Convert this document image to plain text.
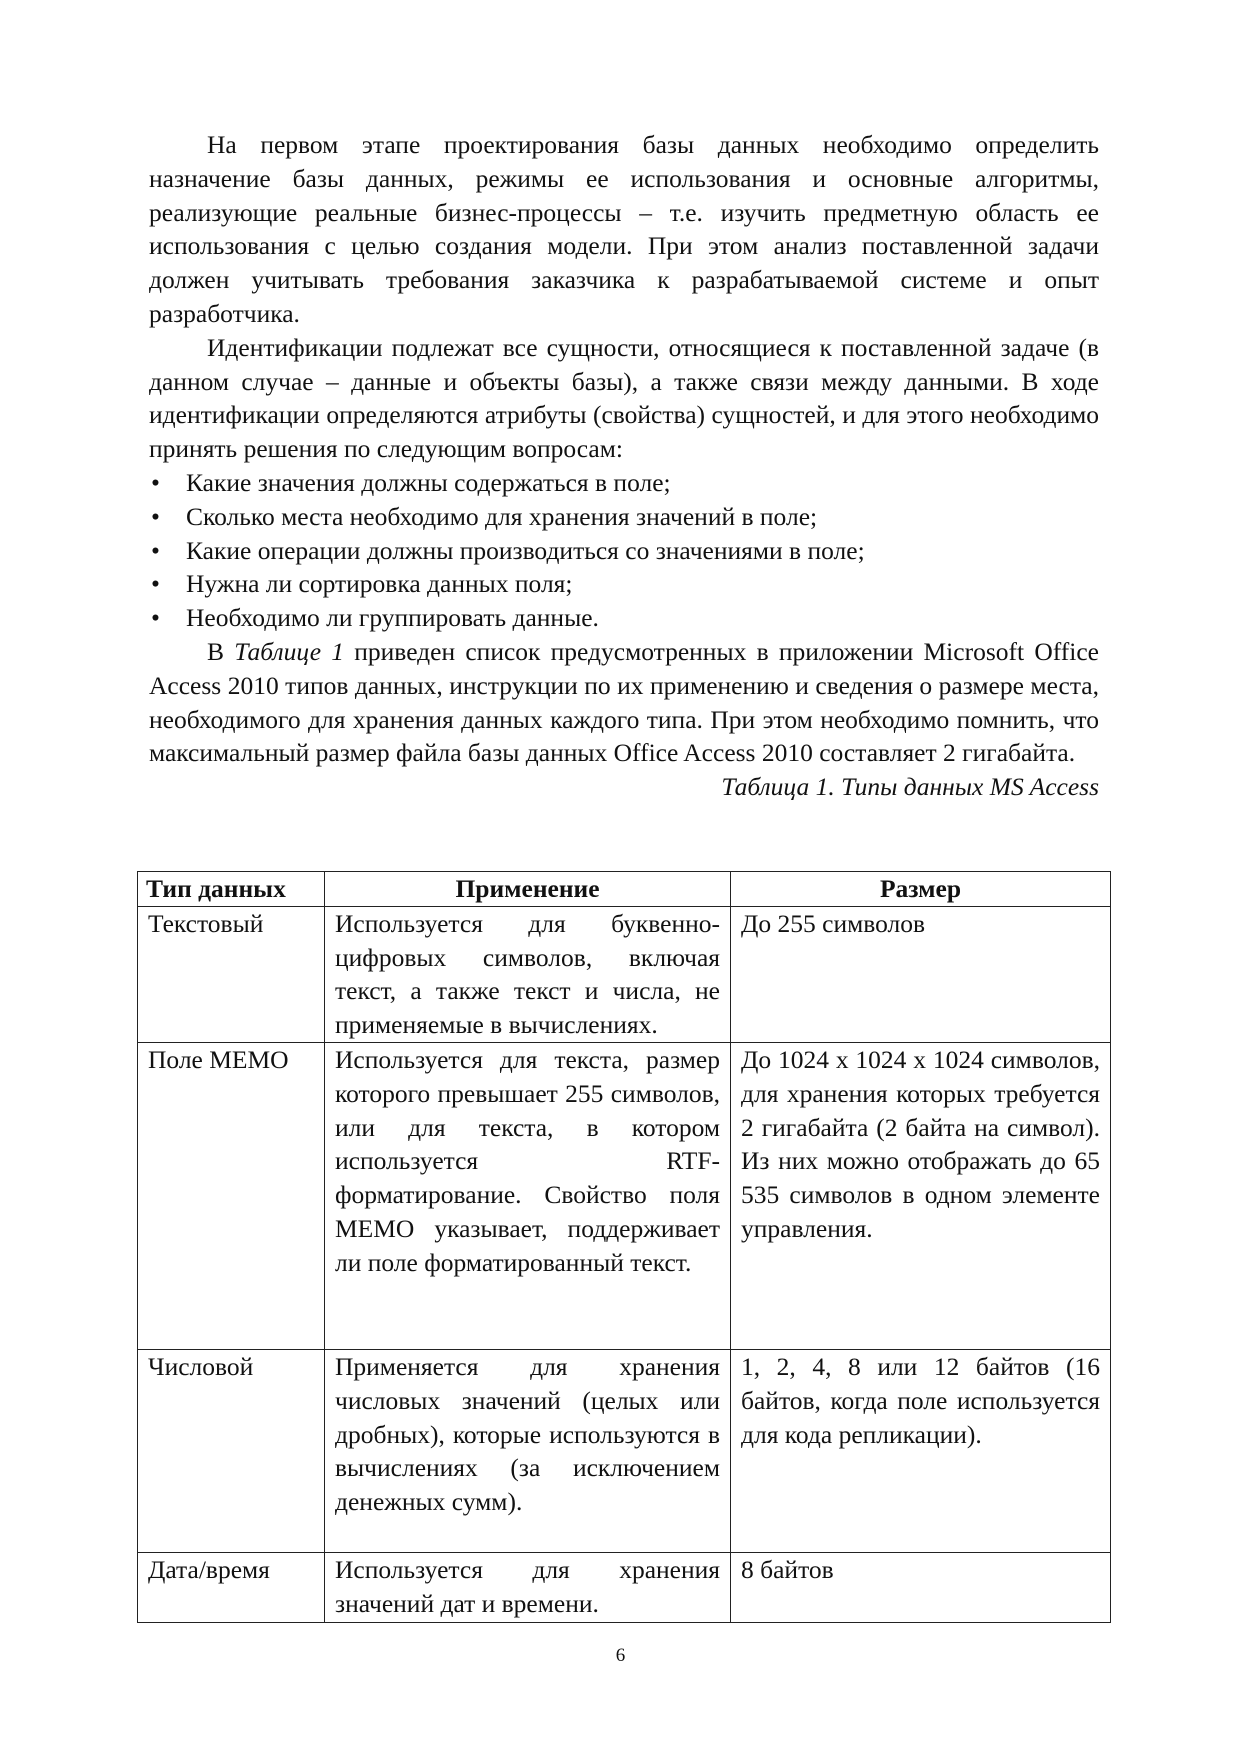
На первом этапе проектирования базы данных необходимо определить назначение базы данных, режимы ее использования и основные алгоритмы, реализующие реальные бизнес-процессы – т.е. изучить предметную область ее использования с целью создания модели. При этом анализ поставленной задачи должен учитывать требования заказчика к разрабатываемой системе и опыт разработчика.

Идентификации подлежат все сущности, относящиеся к поставленной задаче (в данном случае – данные и объекты базы), а также связи между данными. В ходе идентификации определяются атрибуты (свойства) сущностей, и для этого необходимо принять решения по следующим вопросам:

• Какие значения должны содержаться в поле;
• Сколько места необходимо для хранения значений в поле;
• Какие операции должны производиться со значениями в поле;
• Нужна ли сортировка данных поля;
• Необходимо ли группировать данные.

В Таблице 1 приведен список предусмотренных в приложении Microsoft Office Access 2010 типов данных, инструкции по их применению и сведения о размере места, необходимого для хранения данных каждого типа. При этом необходимо помнить, что максимальный размер файла базы данных Office Access 2010 составляет 2 гигабайта.

Таблица 1. Типы данных MS Access
Тип данных	Применение	Размер
Текстовый	Используется для буквенно-цифровых символов, включая текст, а также текст и числа, не применяемые в вычислениях.	До 255 символов
Поле MEMO	Используется для текста, размер которого превышает 255 символов, или для текста, в котором используется RTF-форматирование. Свойство поля MEMO указывает, поддерживает ли поле форматированный текст.	До 1024 х 1024 х 1024 символов, для хранения которых требуется 2 гигабайта (2 байта на символ). Из них можно отображать до 65 535 символов в одном элементе управления.
Числовой	Применяется для хранения числовых значений (целых или дробных), которые используются в вычислениях (за исключением денежных сумм).	1, 2, 4, 8 или 12 байтов (16 байтов, когда поле используется для кода репликации).
Дата/время	Используется для хранения значений дат и времени.	8 байтов
6
